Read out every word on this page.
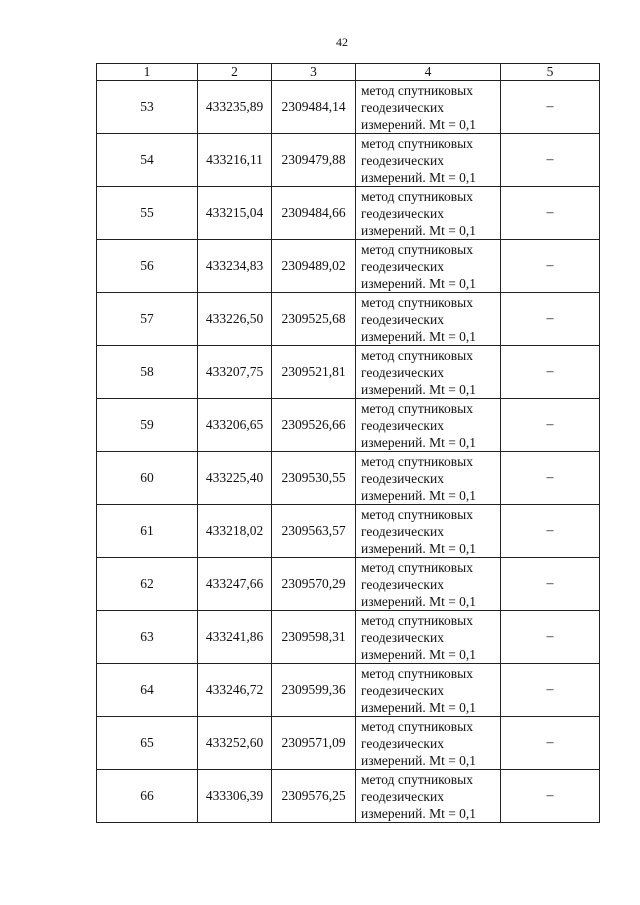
42
1	2	3	4	5
53	433235,89	2309484,14	метод спутниковых
геодезических
измерений. Mt = 0,1	–
54	433216,11	2309479,88	метод спутниковых
геодезических
измерений. Mt = 0,1	–
55	433215,04	2309484,66	метод спутниковых
геодезических
измерений. Mt = 0,1	–
56	433234,83	2309489,02	метод спутниковых
геодезических
измерений. Mt = 0,1	–
57	433226,50	2309525,68	метод спутниковых
геодезических
измерений. Mt = 0,1	–
58	433207,75	2309521,81	метод спутниковых
геодезических
измерений. Mt = 0,1	–
59	433206,65	2309526,66	метод спутниковых
геодезических
измерений. Mt = 0,1	–
60	433225,40	2309530,55	метод спутниковых
геодезических
измерений. Mt = 0,1	–
61	433218,02	2309563,57	метод спутниковых
геодезических
измерений. Mt = 0,1	–
62	433247,66	2309570,29	метод спутниковых
геодезических
измерений. Mt = 0,1	–
63	433241,86	2309598,31	метод спутниковых
геодезических
измерений. Mt = 0,1	–
64	433246,72	2309599,36	метод спутниковых
геодезических
измерений. Mt = 0,1	–
65	433252,60	2309571,09	метод спутниковых
геодезических
измерений. Mt = 0,1	–
66	433306,39	2309576,25	метод спутниковых
геодезических
измерений. Mt = 0,1	–
